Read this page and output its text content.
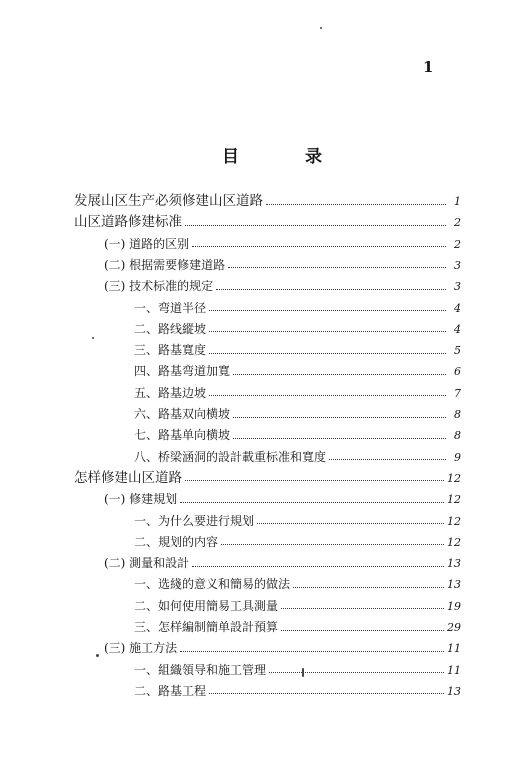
1
目	录
发展山区生产必须修建山区道路	1
山区道路修建标准	2
(一) 道路的区别	2
(二) 根据需要修建道路	3
(三) 技术标准的规定	3
一、弯道半径	4
二、路线縱坡	4
三、路基寬度	5
四、路基弯道加寬	6
五、路基边坡	7
六、路基双向横坡	8
七、路基单向横坡	8
八、桥梁涵洞的設計載重标准和寬度	9
怎样修建山区道路	12
(一) 修建規划	12
一、为什么要进行規划	12
二、規划的内容	12
(二) 測量和設計	13
一、选綫的意义和簡易的做法	13
二、如何使用簡易工具測量	19
三、怎样編制簡单設計預算	29
(三) 施工方法	11
一、組織領导和施工管理	11
二、路基工程	13
